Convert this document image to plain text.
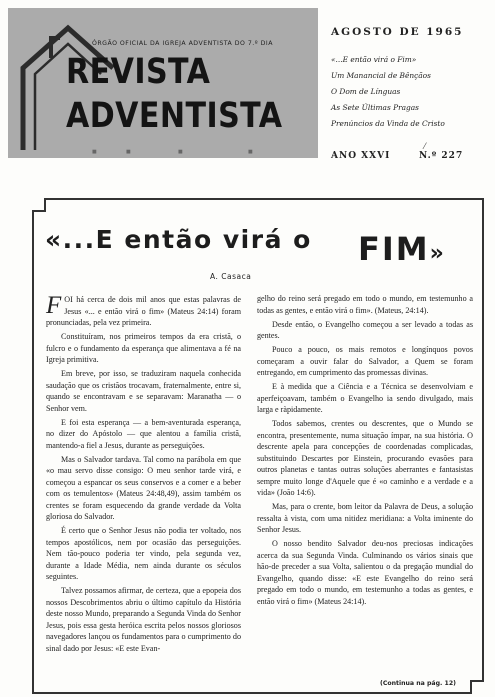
ÓRGÃO OFICIAL DA IGREJA ADVENTISTA DO 7.º DIA
REVISTA
ADVENTISTA
■	■	■	■
AGOSTO DE 1965
«...E então virá o Fim»
Um Manancial de Bênçãos
O Dom de Línguas
As Sete Últimas Pragas
Prenúncios da Vinda de Cristo
⁄
ANO XXVI	N.º 227
«...E então virá o FIM»
A. Casaca

FOI há cerca de dois mil anos que estas palavras de Jesus «... e então virá o fim» (Mateus 24:14) foram pronunciadas, pela vez primeira.

Constituíram, nos primeiros tempos da era cristã, o fulcro e o fundamento da esperança que alimentava a fé na Igreja primitiva.

Em breve, por isso, se traduziram naquela conhecida saudação que os cristãos trocavam, fraternalmente, entre si, quando se encontravam e se separavam: Maranatha — o Senhor vem.

E foi esta esperança — a bem-aventurada esperança, no dizer do Apóstolo — que alentou a família cristã, mantendo-a fiel a Jesus, durante as perseguições.

Mas o Salvador tardava. Tal como na parábola em que «o mau servo disse consigo: O meu senhor tarde virá, e começou a espancar os seus conservos e a comer e a beber com os temulentos» (Mateus 24:48,49), assim também os crentes se foram esquecendo da grande verdade da Volta gloriosa do Salvador.

É certo que o Senhor Jesus não podia ter voltado, nos tempos apostólicos, nem por ocasião das perseguições. Nem tão-pouco poderia ter vindo, pela segunda vez, durante a Idade Média, nem ainda durante os séculos seguintes.

Talvez possamos afirmar, de certeza, que a epopeia dos nossos Descobrimentos abriu o último capítulo da História deste nosso Mundo, preparando a Segunda Vinda do Senhor Jesus, pois essa gesta heróica escrita pelos nossos gloriosos navegadores lançou os fundamentos para o cumprimento do sinal dado por Jesus: «E este Evan-

gelho do reino será pregado em todo o mundo, em testemunho a todas as gentes, e então virá o fim». (Mateus, 24:14).

Desde então, o Evangelho começou a ser levado a todas as gentes.

Pouco a pouco, os mais remotos e longínquos povos começaram a ouvir falar do Salvador, a Quem se foram entregando, em cumprimento das promessas divinas.

E à medida que a Ciência e a Técnica se desenvolviam e aperfeiçoavam, também o Evangelho ia sendo divulgado, mais larga e ràpidamente.

Todos sabemos, crentes ou descrentes, que o Mundo se encontra, presentemente, numa situação ímpar, na sua história. O descrente apela para concepções de coordenadas complicadas, substituindo Descartes por Einstein, procurando evasões para outros planetas e tantas outras soluções aberrantes e fantasistas sempre muito longe d'Aquele que é «o caminho e a verdade e a vida» (João 14:6).

Mas, para o crente, bom leitor da Palavra de Deus, a solução ressalta à vista, com uma nitidez meridiana: a Volta iminente do Senhor Jesus.

O nosso bendito Salvador deu-nos preciosas indicações acerca da sua Segunda Vinda. Culminando os vários sinais que hão-de preceder a sua Volta, salientou o da pregação mundial do Evangelho, quando disse: «E este Evangelho do reino será pregado em todo o mundo, em testemunho a todas as gentes, e então virá o fim» (Mateus 24:14).

(Continua na pág. 12)
